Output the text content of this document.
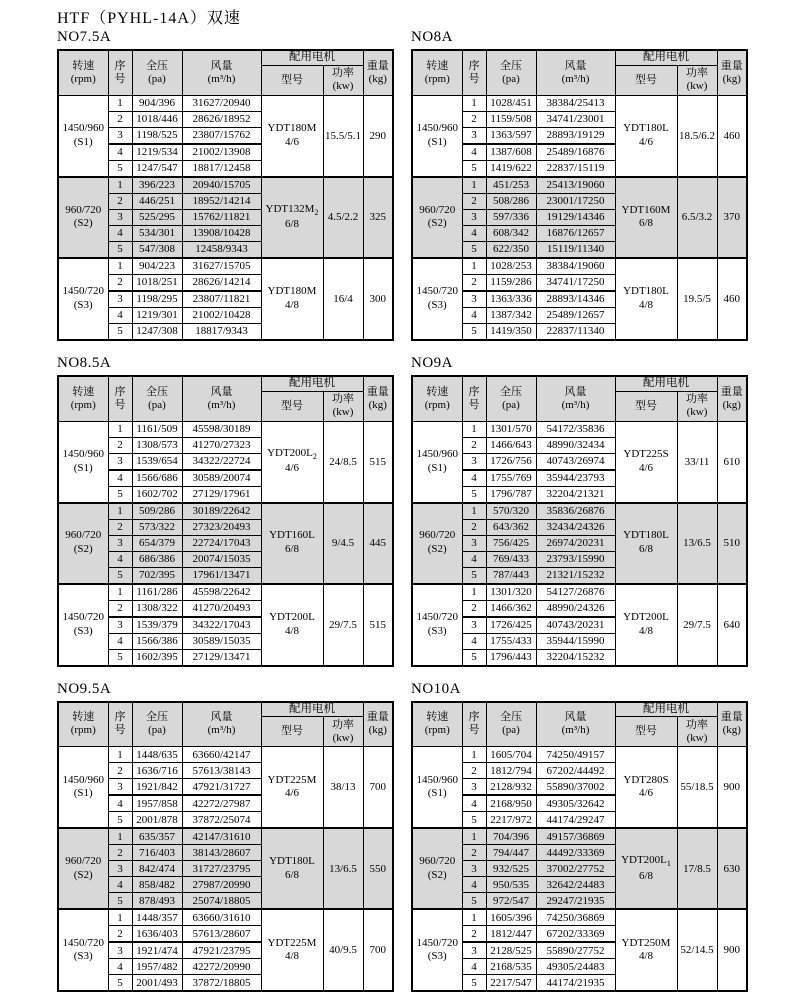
HTF（PYHL-14A）双速
NO7.5A
转速
(rpm)	序
号	全压
(pa)	风量
(m³/h)	配用电机		重量
(kg)
				型号	功率
(kw)	
1450/960
(S1)	1	904/396	31627/20940	YDT180M
4/6	15.5/5.1	290
	2	1018/446	28626/18952			
	3	1198/525	23807/15762			
	4	1219/534	21002/13908			
	5	1247/547	18817/12458			
960/720
(S2)	1	396/223	20940/15705	$YDT132M_2$
6/8	4.5/2.2	325
	2	446/251	18952/14214			
	3	525/295	15762/11821			
	4	534/301	13908/10428			
	5	547/308	12458/9343			
1450/720
(S3)	1	904/223	31627/15705	YDT180M
4/8	16/4	300
	2	1018/251	28626/14214			
	3	1198/295	23807/11821			
	4	1219/301	21002/10428			
	5	1247/308	18817/9343			
NO8A
转速
(rpm)	序
号	全压
(pa)	风量
(m³/h)	配用电机		重量
(kg)
				型号	功率
(kw)	
1450/960
(S1)	1	1028/451	38384/25413	YDT180L
4/6	18.5/6.2	460
	2	1159/508	34741/23001			
	3	1363/597	28893/19129			
	4	1387/608	25489/16876			
	5	1419/622	22837/15119			
960/720
(S2)	1	451/253	25413/19060	YDT160M
6/8	6.5/3.2	370
	2	508/286	23001/17250			
	3	597/336	19129/14346			
	4	608/342	16876/12657			
	5	622/350	15119/11340			
1450/720
(S3)	1	1028/253	38384/19060	YDT180L
4/8	19.5/5	460
	2	1159/286	34741/17250			
	3	1363/336	28893/14346			
	4	1387/342	25489/12657			
	5	1419/350	22837/11340			
NO8.5A
转速
(rpm)	序
号	全压
(pa)	风量
(m³/h)	配用电机		重量
(kg)
				型号	功率
(kw)	
1450/960
(S1)	1	1161/509	45598/30189	$YDT200L_2$
4/6	24/8.5	515
	2	1308/573	41270/27323			
	3	1539/654	34322/22724			
	4	1566/686	30589/20074			
	5	1602/702	27129/17961			
960/720
(S2)	1	509/286	30189/22642	YDT160L
6/8	9/4.5	445
	2	573/322	27323/20493			
	3	654/379	22724/17043			
	4	686/386	20074/15035			
	5	702/395	17961/13471			
1450/720
(S3)	1	1161/286	45598/22642	YDT200L
4/8	29/7.5	515
	2	1308/322	41270/20493			
	3	1539/379	34322/17043			
	4	1566/386	30589/15035			
	5	1602/395	27129/13471			
NO9A
转速
(rpm)	序
号	全压
(pa)	风量
(m³/h)	配用电机		重量
(kg)
				型号	功率
(kw)	
1450/960
(S1)	1	1301/570	54172/35836	YDT225S
4/6	33/11	610
	2	1466/643	48990/32434			
	3	1726/756	40743/26974			
	4	1755/769	35944/23793			
	5	1796/787	32204/21321			
960/720
(S2)	1	570/320	35836/26876	YDT180L
6/8	13/6.5	510
	2	643/362	32434/24326			
	3	756/425	26974/20231			
	4	769/433	23793/15990			
	5	787/443	21321/15232			
1450/720
(S3)	1	1301/320	54127/26876	YDT200L
4/8	29/7.5	640
	2	1466/362	48990/24326			
	3	1726/425	40743/20231			
	4	1755/433	35944/15990			
	5	1796/443	32204/15232			
NO9.5A
转速
(rpm)	序
号	全压
(pa)	风量
(m³/h)	配用电机		重量
(kg)
				型号	功率
(kw)	
1450/960
(S1)	1	1448/635	63660/42147	YDT225M
4/6	38/13	700
	2	1636/716	57613/38143			
	3	1921/842	47921/31727			
	4	1957/858	42272/27987			
	5	2001/878	37872/25074			
960/720
(S2)	1	635/357	42147/31610	YDT180L
6/8	13/6.5	550
	2	716/403	38143/28607			
	3	842/474	31727/23795			
	4	858/482	27987/20990			
	5	878/493	25074/18805			
1450/720
(S3)	1	1448/357	63660/31610	YDT225M
4/8	40/9.5	700
	2	1636/403	57613/28607			
	3	1921/474	47921/23795			
	4	1957/482	42272/20990			
	5	2001/493	37872/18805			
NO10A
转速
(rpm)	序
号	全压
(pa)	风量
(m³/h)	配用电机		重量
(kg)
				型号	功率
(kw)	
1450/960
(S1)	1	1605/704	74250/49157	YDT280S
4/6	55/18.5	900
	2	1812/794	67202/44492			
	3	2128/932	55890/37002			
	4	2168/950	49305/32642			
	5	2217/972	44174/29247			
960/720
(S2)	1	704/396	49157/36869	$YDT200L_1$
6/8	17/8.5	630
	2	794/447	44492/33369			
	3	932/525	37002/27752			
	4	950/535	32642/24483			
	5	972/547	29247/21935			
1450/720
(S3)	1	1605/396	74250/36869	YDT250M
4/8	52/14.5	900
	2	1812/447	67202/33369			
	3	2128/525	55890/27752			
	4	2168/535	49305/24483			
	5	2217/547	44174/21935			
